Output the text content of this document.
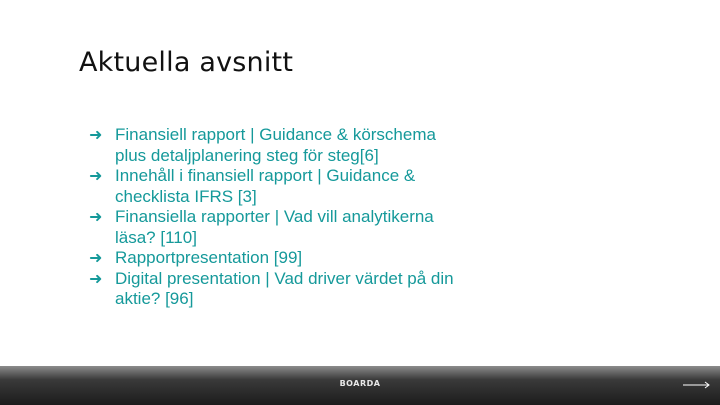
Aktuella avsnitt
➜ Finansiell rapport | Guidance & körschema plus detaljplanering steg för steg[6]
➜ Innehåll i finansiell rapport | Guidance & checklista IFRS [3]
➜ Finansiella rapporter | Vad vill analytikerna läsa? [110]
➜ Rapportpresentation [99]
➜ Digital presentation | Vad driver värdet på din aktie? [96]
BOARDA
